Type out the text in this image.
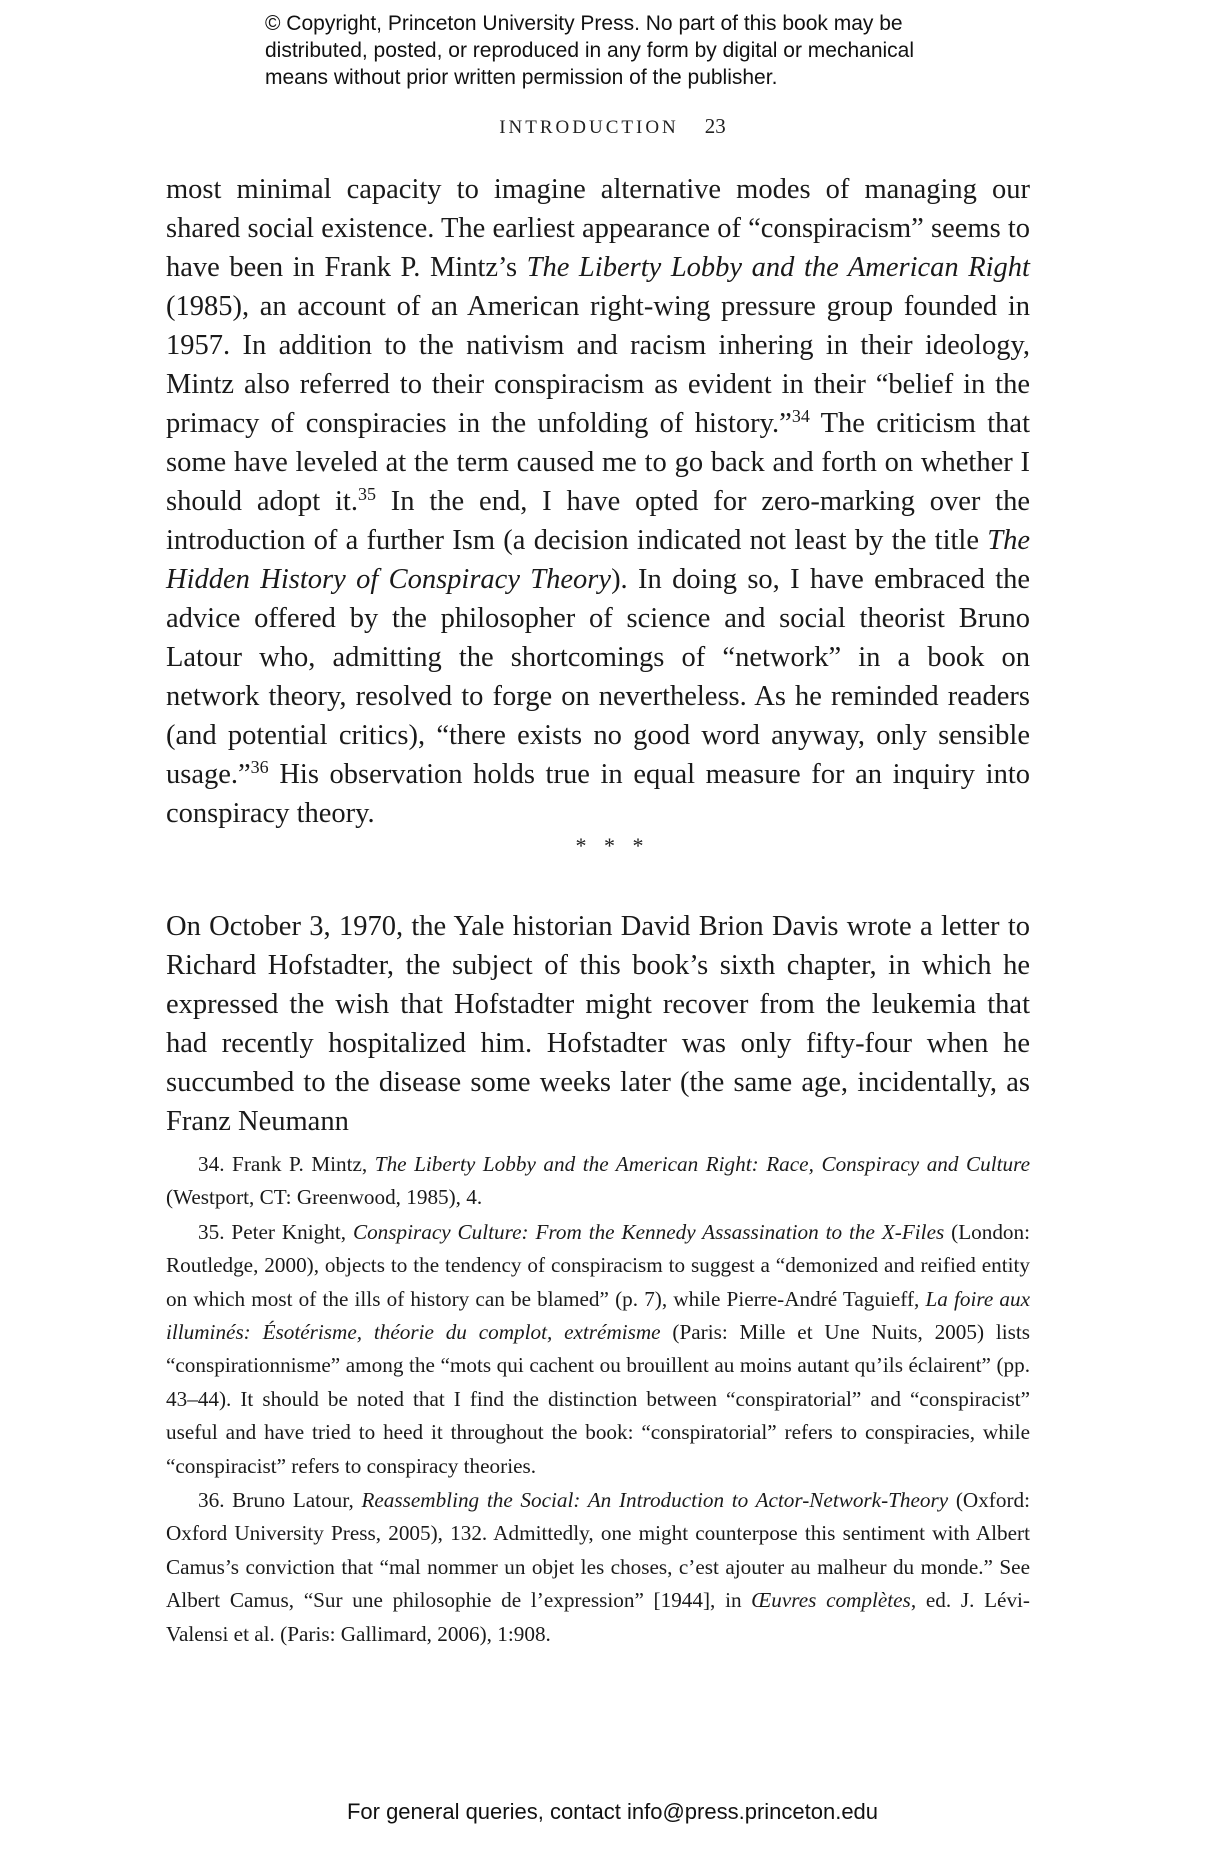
© Copyright, Princeton University Press. No part of this book may be
distributed, posted, or reproduced in any form by digital or mechanical
means without prior written permission of the publisher.
INTRODUCTION 23

most minimal capacity to imagine alternative modes of managing our shared social existence. The earliest appearance of “conspiracism” seems to have been in Frank P. Mintz’s The Liberty Lobby and the American Right (1985), an account of an American right-wing pressure group founded in 1957. In addition to the nativism and racism inhering in their ideology, Mintz also referred to their conspiracism as evident in their “belief in the primacy of conspiracies in the unfolding of history.”$^{34}$ The criticism that some have leveled at the term caused me to go back and forth on whether I should adopt it.$^{35}$ In the end, I have opted for zero-marking over the introduction of a further Ism (a decision indicated not least by the title The Hidden History of Conspiracy Theory). In doing so, I have embraced the advice offered by the philosopher of science and social theorist Bruno Latour who, admitting the shortcomings of “network” in a book on network theory, resolved to forge on nevertheless. As he reminded readers (and potential critics), “there exists no good word anyway, only sensible usage.”$^{36}$ His observation holds true in equal measure for an inquiry into conspiracy theory.

* * *

On October 3, 1970, the Yale historian David Brion Davis wrote a letter to Richard Hofstadter, the subject of this book’s sixth chapter, in which he expressed the wish that Hofstadter might recover from the leukemia that had recently hospitalized him. Hofstadter was only fifty-four when he succumbed to the disease some weeks later (the same age, incidentally, as Franz Neumann

34. Frank P. Mintz, The Liberty Lobby and the American Right: Race, Conspiracy and Culture (Westport, CT: Greenwood, 1985), 4.

35. Peter Knight, Conspiracy Culture: From the Kennedy Assassination to the X-Files (London: Routledge, 2000), objects to the tendency of conspiracism to suggest a “demonized and reified entity on which most of the ills of history can be blamed” (p. 7), while Pierre-André Taguieff, La foire aux illuminés: Ésotérisme, théorie du complot, extrémisme (Paris: Mille et Une Nuits, 2005) lists “conspirationnisme” among the “mots qui cachent ou brouillent au moins autant qu’ils éclairent” (pp. 43–44). It should be noted that I find the distinction between “conspiratorial” and “conspiracist” useful and have tried to heed it throughout the book: “conspiratorial” refers to conspiracies, while “conspiracist” refers to conspiracy theories.

36. Bruno Latour, Reassembling the Social: An Introduction to Actor-Network-Theory (Oxford: Oxford University Press, 2005), 132. Admittedly, one might counterpose this sentiment with Albert Camus’s conviction that “mal nommer un objet les choses, c’est ajouter au malheur du monde.” See Albert Camus, “Sur une philosophie de l’expression” [1944], in Œuvres complètes, ed. J. Lévi-Valensi et al. (Paris: Gallimard, 2006), 1:908.

For general queries, contact info@press.princeton.edu
